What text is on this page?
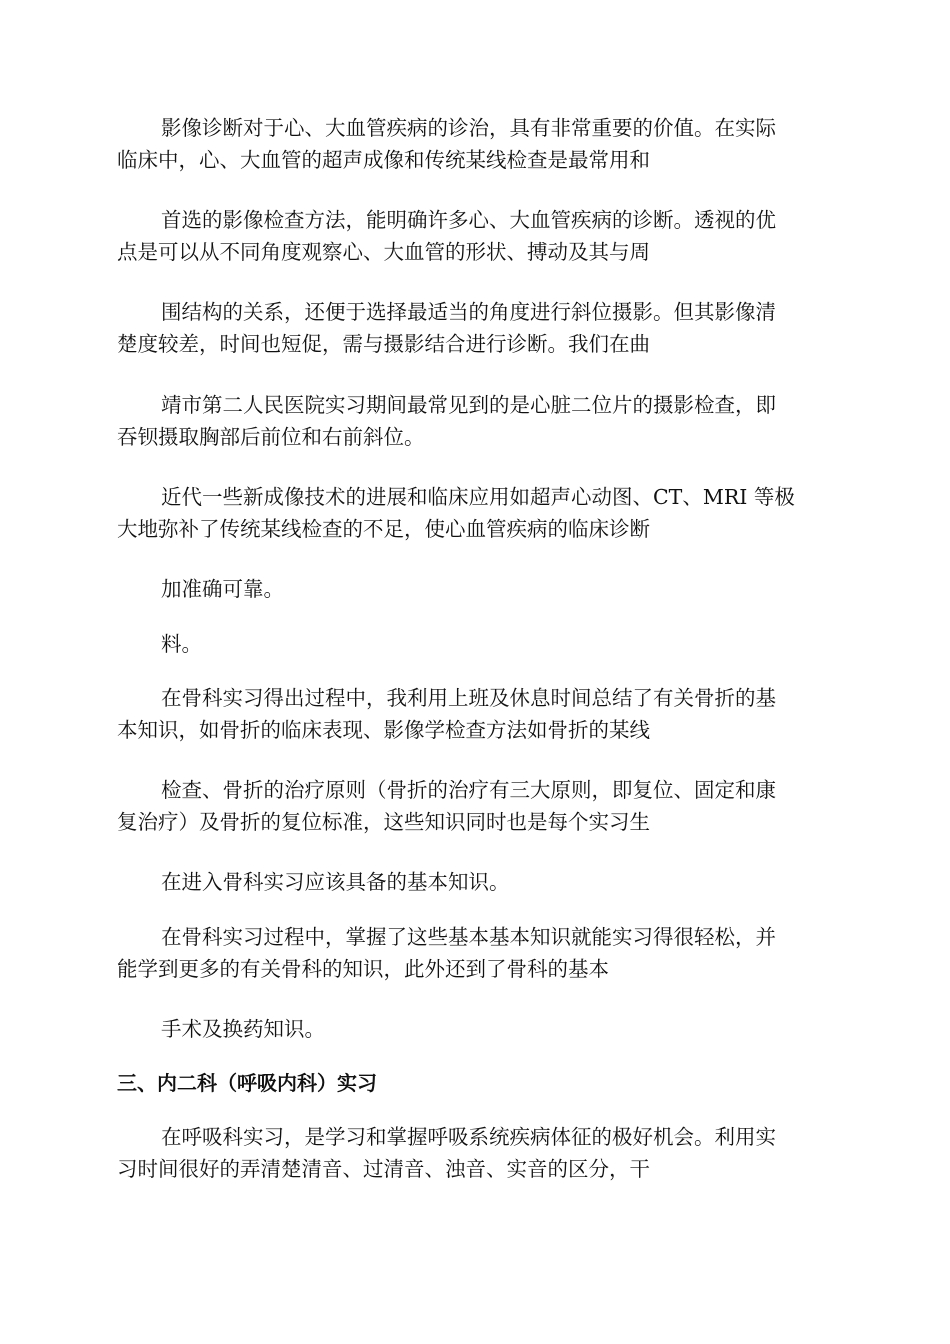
影像诊断对于心、大血管疾病的诊治，具有非常重要的价值。在实际
临床中，心、大血管的超声成像和传统某线检查是最常用和
首选的影像检查方法，能明确许多心、大血管疾病的诊断。透视的优
点是可以从不同角度观察心、大血管的形状、搏动及其与周
围结构的关系，还便于选择最适当的角度进行斜位摄影。但其影像清
楚度较差，时间也短促，需与摄影结合进行诊断。我们在曲
靖市第二人民医院实习期间最常见到的是心脏二位片的摄影检查，即
吞钡摄取胸部后前位和右前斜位。
近代一些新成像技术的进展和临床应用如超声心动图、CT、MRI 等极
大地弥补了传统某线检查的不足，使心血管疾病的临床诊断
加准确可靠。
料。
在骨科实习得出过程中，我利用上班及休息时间总结了有关骨折的基
本知识，如骨折的临床表现、影像学检查方法如骨折的某线
检查、骨折的治疗原则（骨折的治疗有三大原则，即复位、固定和康
复治疗）及骨折的复位标准，这些知识同时也是每个实习生
在进入骨科实习应该具备的基本知识。
在骨科实习过程中，掌握了这些基本基本知识就能实习得很轻松，并
能学到更多的有关骨科的知识，此外还到了骨科的基本
手术及换药知识。
三、内二科（呼吸内科）实习
在呼吸科实习，是学习和掌握呼吸系统疾病体征的极好机会。利用实
习时间很好的弄清楚清音、过清音、浊音、实音的区分，干
